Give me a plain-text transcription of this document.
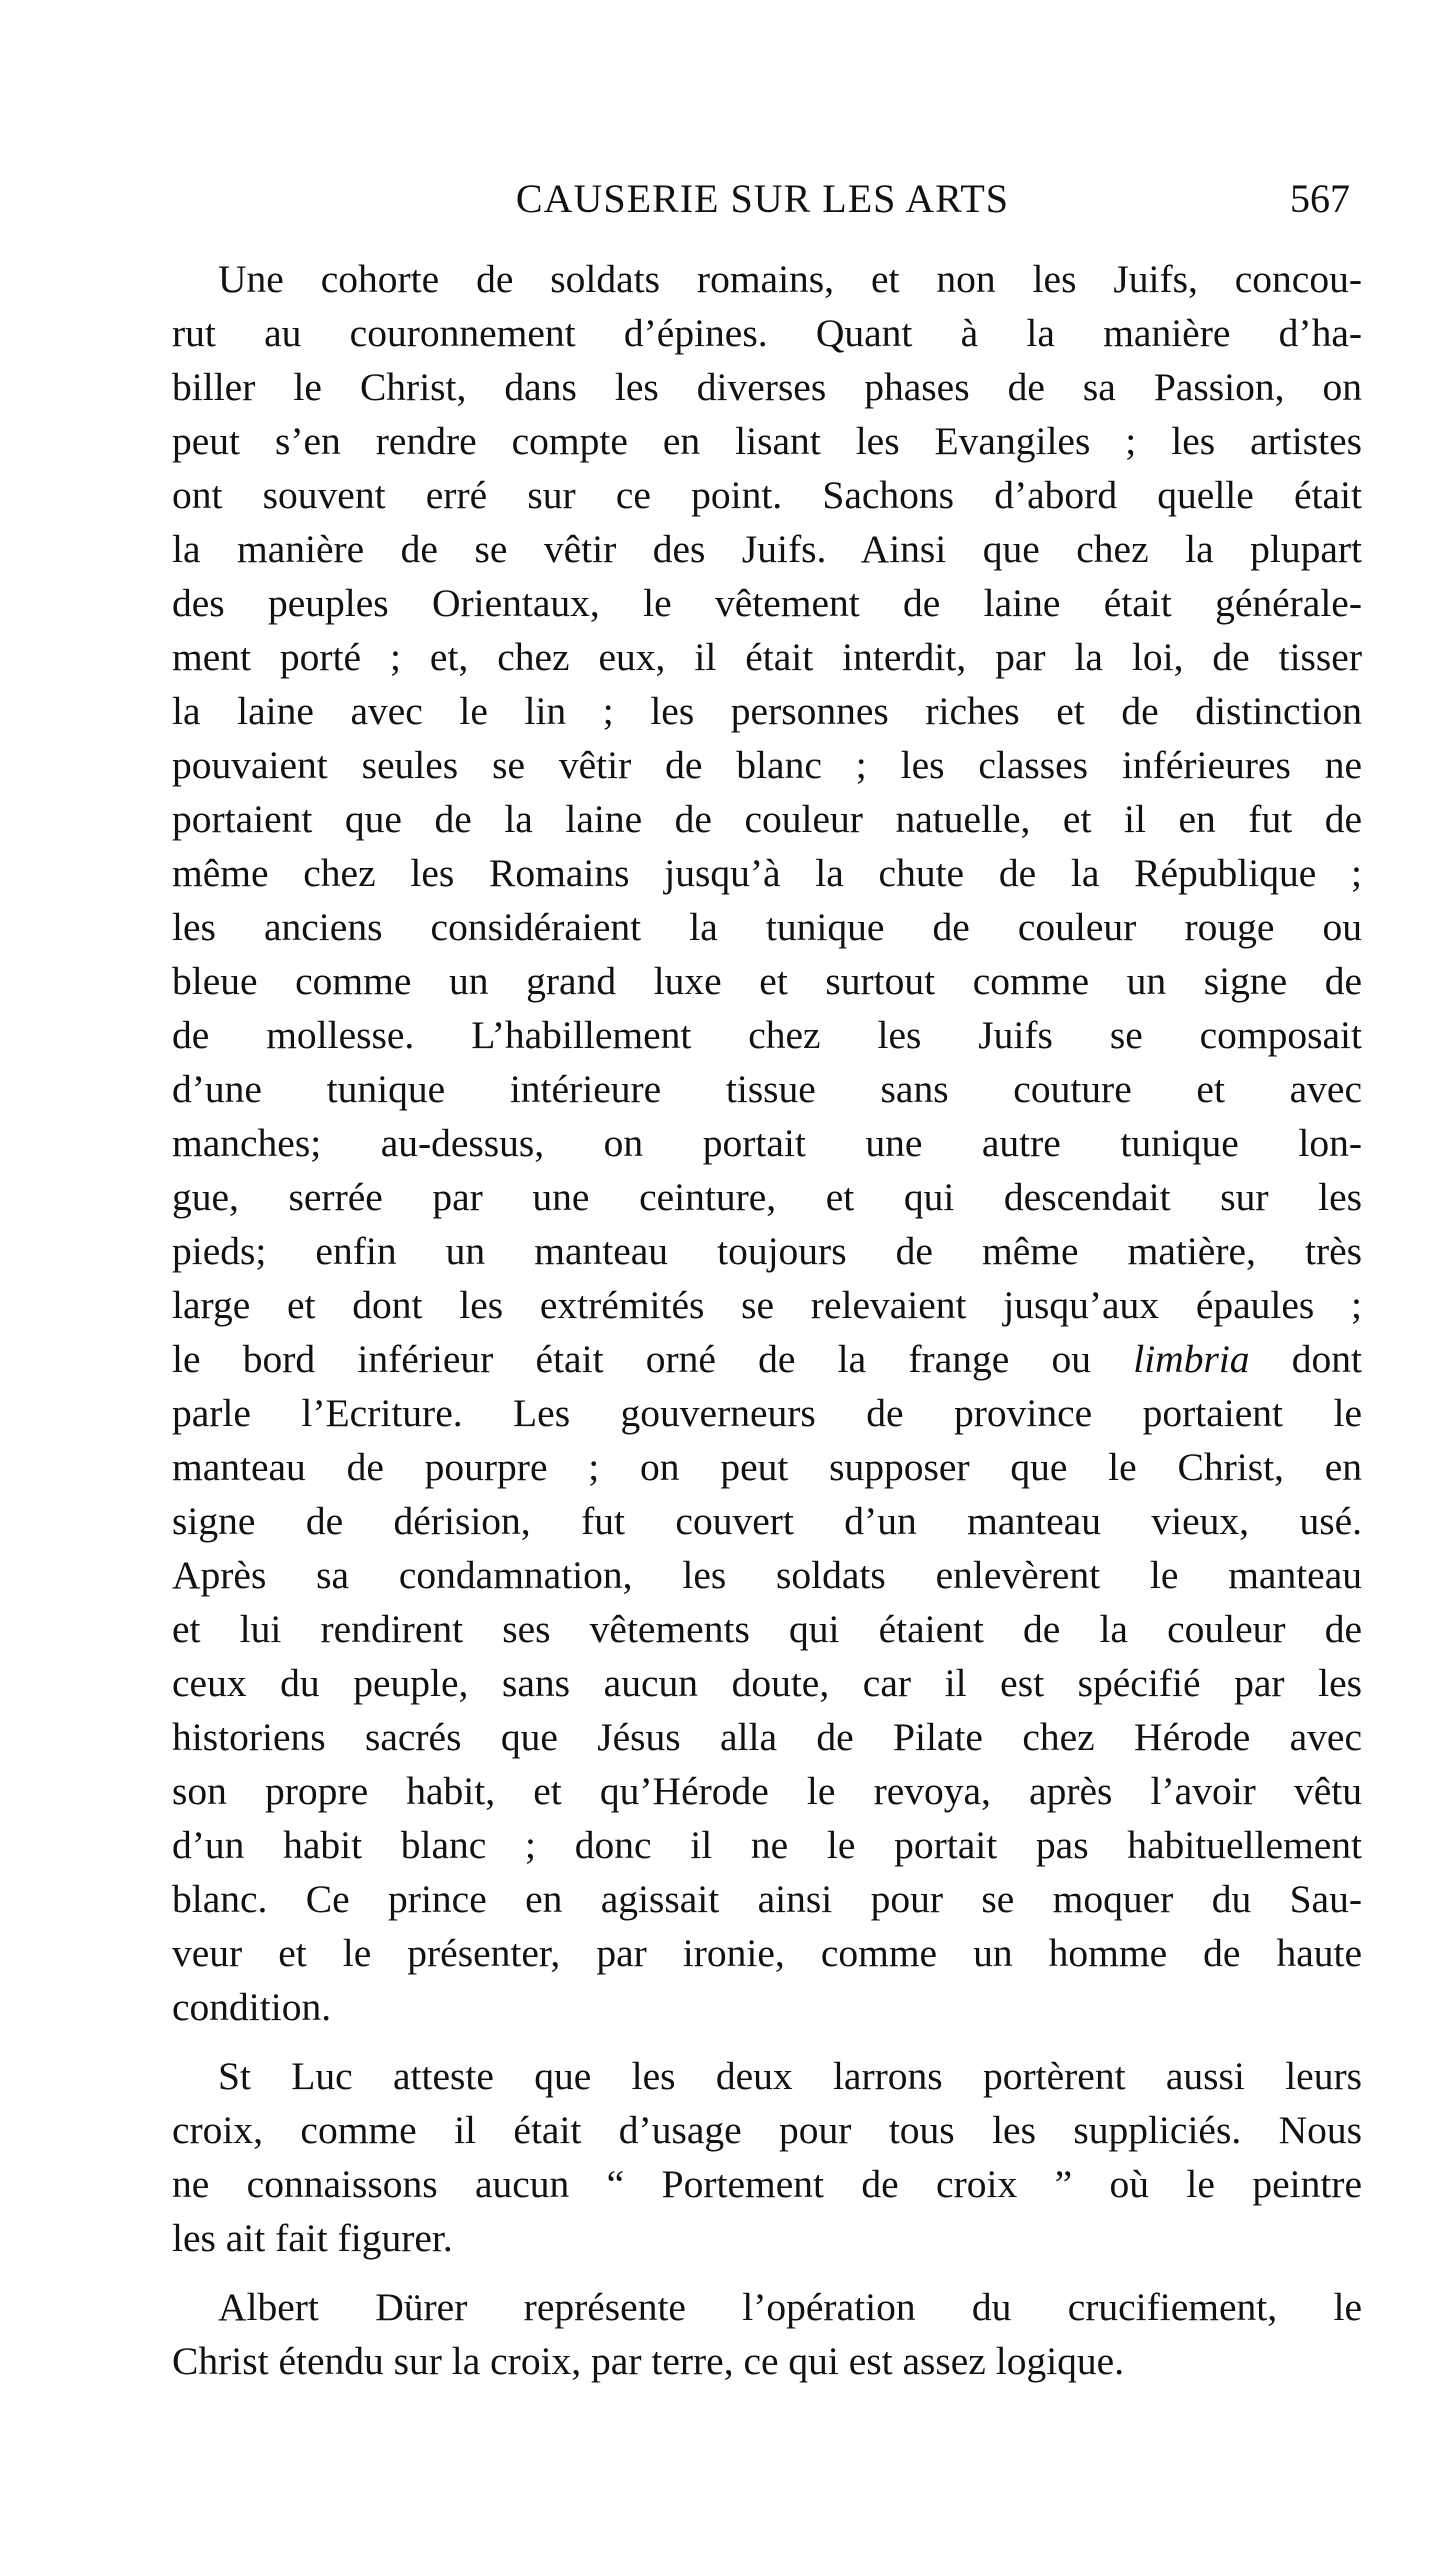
CAUSERIE SUR LES ARTS	567
Une cohorte de soldats romains, et non les Juifs, concou-
rut au couronnement d’épines. Quant à la manière d’ha-
biller le Christ, dans les diverses phases de sa Passion, on
peut s’en rendre compte en lisant les Evangiles ; les artistes
ont souvent erré sur ce point. Sachons d’abord quelle était
la manière de se vêtir des Juifs. Ainsi que chez la plupart
des peuples Orientaux, le vêtement de laine était générale-
ment porté ; et, chez eux, il était interdit, par la loi, de tisser
la laine avec le lin ; les personnes riches et de distinction
pouvaient seules se vêtir de blanc ; les classes inférieures ne
portaient que de la laine de couleur natuelle, et il en fut de
même chez les Romains jusqu’à la chute de la République ;
les anciens considéraient la tunique de couleur rouge ou
bleue comme un grand luxe et surtout comme un signe de
de mollesse. L’habillement chez les Juifs se composait
d’une tunique intérieure tissue sans couture et avec
manches; au-dessus, on portait une autre tunique lon-
gue, serrée par une ceinture, et qui descendait sur les
pieds; enfin un manteau toujours de même matière, très
large et dont les extrémités se relevaient jusqu’aux épaules ;
le bord inférieur était orné de la frange ou limbria dont
parle l’Ecriture. Les gouverneurs de province portaient le
manteau de pourpre ; on peut supposer que le Christ, en
signe de dérision, fut couvert d’un manteau vieux, usé.
Après sa condamnation, les soldats enlevèrent le manteau
et lui rendirent ses vêtements qui étaient de la couleur de
ceux du peuple, sans aucun doute, car il est spécifié par les
historiens sacrés que Jésus alla de Pilate chez Hérode avec
son propre habit, et qu’Hérode le revoya, après l’avoir vêtu
d’un habit blanc ; donc il ne le portait pas habituellement
blanc. Ce prince en agissait ainsi pour se moquer du Sau-
veur et le présenter, par ironie, comme un homme de haute
condition.
St Luc atteste que les deux larrons portèrent aussi leurs
croix, comme il était d’usage pour tous les suppliciés. Nous
ne connaissons aucun “ Portement de croix ” où le peintre
les ait fait figurer.
Albert Dürer représente l’opération du crucifiement, le
Christ étendu sur la croix, par terre, ce qui est assez logique.
